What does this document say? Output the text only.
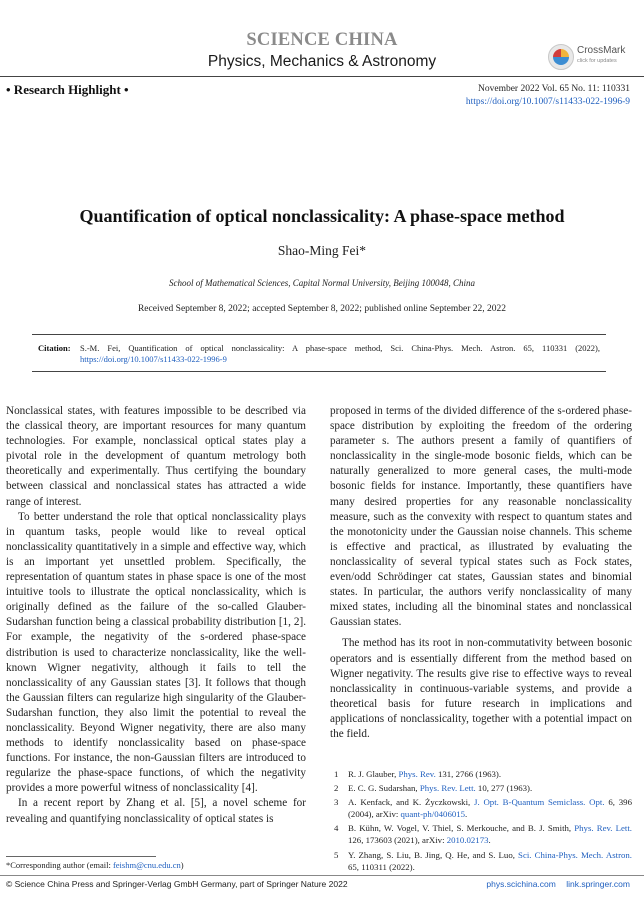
SCIENCE CHINA
Physics, Mechanics & Astronomy
CrossMark
click for updates
• Research Highlight •	November 2022 Vol. 65 No. 11: 110331
https://doi.org/10.1007/s11433-022-1996-9
Quantification of optical nonclassicality: A phase-space method
Shao-Ming Fei*
School of Mathematical Sciences, Capital Normal University, Beijing 100048, China
Received September 8, 2022; accepted September 8, 2022; published online September 22, 2022
Citation: S.-M. Fei, Quantification of optical nonclassicality: A phase-space method, Sci. China-Phys. Mech. Astron. 65, 110331 (2022), https://doi.org/10.1007/s11433-022-1996-9

Nonclassical states, with features impossible to be described via the classical theory, are important resources for many quantum technologies. For example, nonclassical optical states play a pivotal role in the development of quantum metrology both theoretically and experimentally. Thus certifying the boundary between classical and nonclassical states has attracted a wide range of interest.

To better understand the role that optical nonclassicality plays in quantum tasks, people would like to reveal optical nonclassicality quantitatively in a simple and effective way, which is an important yet unsettled problem. Specifically, the representation of quantum states in phase space is one of the most intuitive tools to illustrate the optical nonclassicality, which is originally defined as the failure of the so-called Glauber-Sudarshan function being a classical probability distribution [1, 2]. For example, the negativity of the s-ordered phase-space distribution is used to characterize nonclassicality, like the well-known Wigner negativity, although it fails to tell the nonclassicality of any Gaussian states [3]. It follows that though the Gaussian filters can regularize high singularity of the Glauber-Sudarshan function, they also limit the potential to reveal the nonclassicality. Beyond Wigner negativity, there are also many methods to identify nonclassicality based on phase-space functions. For instance, the non-Gaussian filters are introduced to regularize the phase-space functions, of which the negativity provides a more powerful witness of nonclassicality [4].

In a recent report by Zhang et al. [5], a novel scheme for revealing and quantifying nonclassicality of optical states is

proposed in terms of the divided difference of the s-ordered phase-space distribution by exploiting the freedom of the ordering parameter s. The authors present a family of quantifiers of nonclassicality in the single-mode bosonic fields, which can be naturally generalized to more general cases, the multi-mode bosonic fields for instance. Importantly, these quantifiers have many desired properties for any reasonable nonclassicality measure, such as the convexity with respect to quantum states and the monotonicity under the Gaussian noise channels. This scheme is effective and practical, as illustrated by evaluating the nonclassicality of several typical states such as Fock states, even/odd Schrödinger cat states, Gaussian states and binomial states. In particular, the authors verify nonclassicality of many mixed states, including all the binominal states and nonclassical Gaussian states.

The method has its root in non-commutativity between bosonic operators and is essentially different from the method based on Wigner negativity. The results give rise to effective ways to reveal nonclassicality in continuous-variable systems, and provide a theoretical basis for future research in implications and applications of nonclassicality, together with a potential impact on the field.

1 R. J. Glauber, Phys. Rev. 131, 2766 (1963).
2 E. C. G. Sudarshan, Phys. Rev. Lett. 10, 277 (1963).
3 A. Kenfack, and K. Życzkowski, J. Opt. B-Quantum Semiclass. Opt. 6, 396 (2004), arXiv: quant-ph/0406015.
4 B. Kühn, W. Vogel, V. Thiel, S. Merkouche, and B. J. Smith, Phys. Rev. Lett. 126, 173603 (2021), arXiv: 2010.02173.
5 Y. Zhang, S. Liu, B. Jing, Q. He, and S. Luo, Sci. China-Phys. Mech. Astron. 65, 110311 (2022).
*Corresponding author (email: feishm@cnu.edu.cn)
© Science China Press and Springer-Verlag GmbH Germany, part of Springer Nature 2022	phys.scichina.com link.springer.com
